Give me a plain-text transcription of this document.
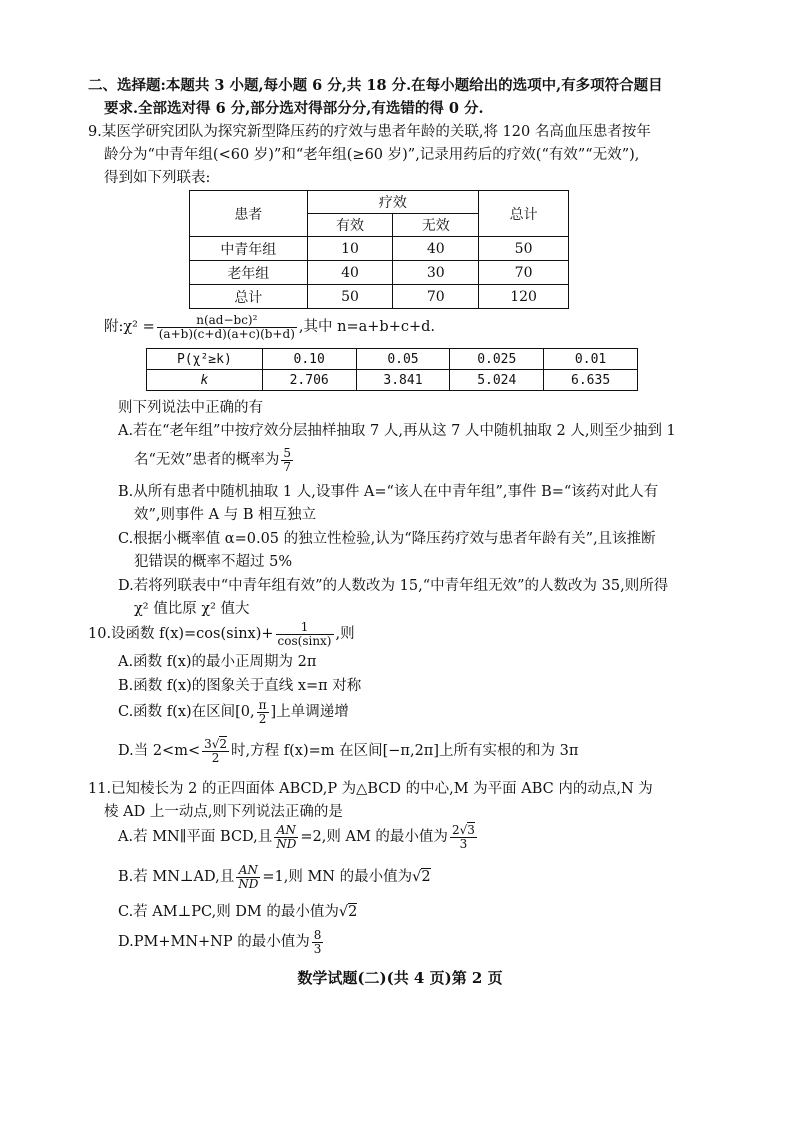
二、选择题:本题共 3 小题,每小题 6 分,共 18 分.在每小题给出的选项中,有多项符合题目
要求.全部选对得 6 分,部分选对得部分分,有选错的得 0 分.
9.某医学研究团队为探究新型降压药的疗效与患者年龄的关联,将 120 名高血压患者按年
龄分为“中青年组(<60 岁)”和“老年组(≥60 岁)”,记录用药后的疗效(“有效”“无效”),
得到如下列联表:
患者	疗效		总计
	有效	无效	
中青年组	10	40	50
老年组	40	30	70
总计	50	70	120
附:χ² = $\frac{\text{n(ad−bc)²}}{(a+b)(c+d)(a+c)(b+d)}$ ,其中 n=a+b+c+d.
P(χ²≥k)	0.10	0.05	0.025	0.01
k	2.706	3.841	5.024	6.635
则下列说法中正确的有
A.若在“老年组”中按疗效分层抽样抽取 7 人,再从这 7 人中随机抽取 2 人,则至少抽到 1
名“无效”患者的概率为 $\frac{5}{7}$
B.从所有患者中随机抽取 1 人,设事件 A=“该人在中青年组”,事件 B=“该药对此人有
效”,则事件 A 与 B 相互独立
C.根据小概率值 α=0.05 的独立性检验,认为“降压药疗效与患者年龄有关”,且该推断
犯错误的概率不超过 5%
D.若将列联表中“中青年组有效”的人数改为 15,“中青年组无效”的人数改为 35,则所得
χ² 值比原 χ² 值大
10.设函数 $f(x)=\cos(\sin x)+ \frac{1}{\cos(\sin x)}$ ,则
A.函数 f(x)的最小正周期为 2π
B.函数 f(x)的图象关于直线 x=π 对称
C.函数 f(x)在区间[0, $\frac{\pi}{2}$ ]上单调递增
D.当 $2<m< \frac{3√2}{2}$ 时,方程 f(x)=m 在区间[−π,2π]上所有实根的和为 3π
11.已知棱长为 2 的正四面体 ABCD,P 为△BCD 的中心,M 为平面 ABC 内的动点,N 为
棱 AD 上一动点,则下列说法正确的是
A.若 MN∥平面 BCD,且 $\frac{AN}{ND} =2$,则 AM 的最小值为 $\frac{2√3}{3}$
B.若 MN⊥AD,且 $\frac{AN}{ND} =1$,则 MN 的最小值为√2
C.若 AM⊥PC,则 DM 的最小值为√2
D.PM+MN+NP 的最小值为 $\frac{8}{3}$
数学试题(二)(共 4 页)第 2 页
